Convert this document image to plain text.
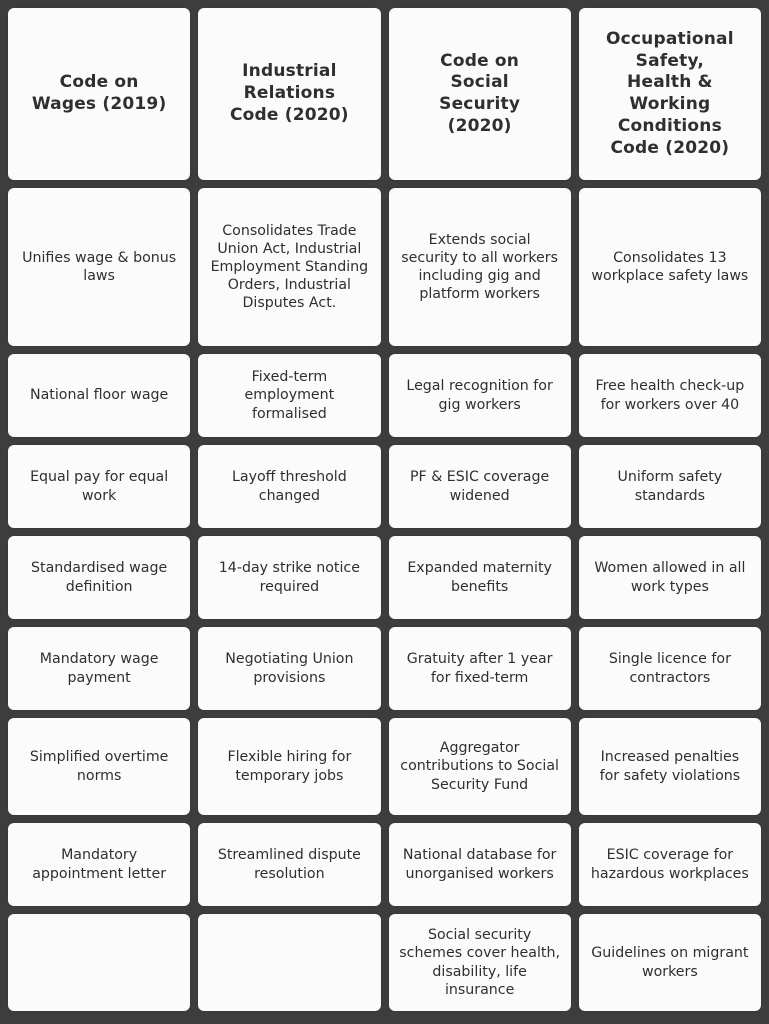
Code on
Wages (2019)
Industrial
Relations
Code (2020)
Code on
Social
Security
(2020)
Occupational
Safety,
Health &
Working
Conditions
Code (2020)
Unifies wage & bonus laws
Consolidates Trade Union Act, Industrial Employment Standing Orders, Industrial Disputes Act.
Extends social security to all workers including gig and platform workers
Consolidates 13 workplace safety laws
National floor wage
Fixed-term employment formalised
Legal recognition for gig workers
Free health check-up for workers over 40
Equal pay for equal work
Layoff threshold changed
PF & ESIC coverage widened
Uniform safety standards
Standardised wage definition
14-day strike notice required
Expanded maternity benefits
Women allowed in all work types
Mandatory wage payment
Negotiating Union provisions
Gratuity after 1 year for fixed-term
Single licence for contractors
Simplified overtime norms
Flexible hiring for temporary jobs
Aggregator contributions to Social Security Fund
Increased penalties for safety violations
Mandatory appointment letter
Streamlined dispute resolution
National database for unorganised workers
ESIC coverage for hazardous workplaces
Social security schemes cover health, disability, life insurance
Guidelines on migrant workers
